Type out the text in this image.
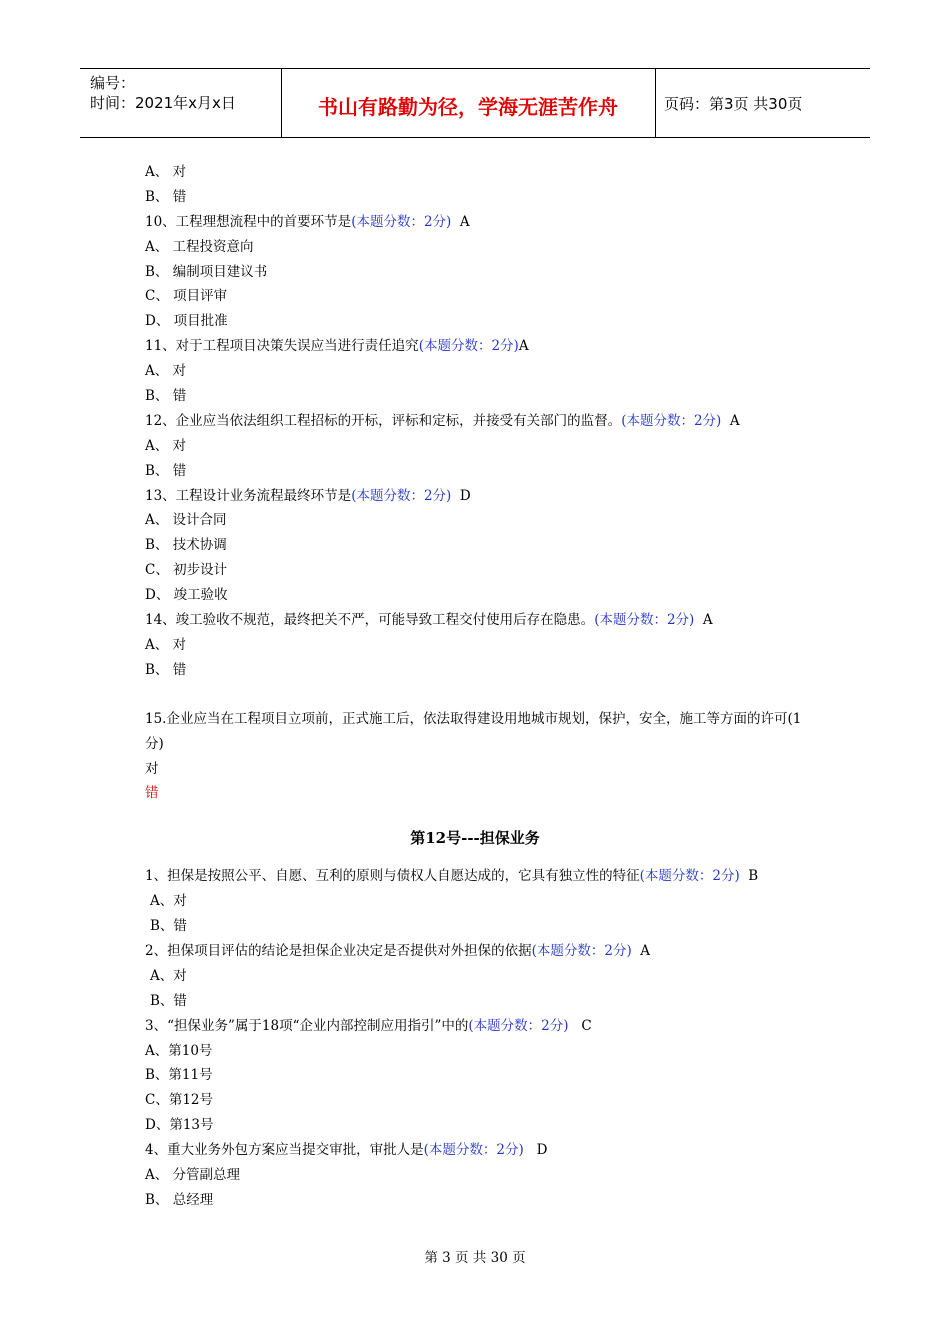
编号：
时间：2021年x月x日	书山有路勤为径，学海无涯苦作舟	页码：第3页 共30页
A、 对
B、 错
10、工程理想流程中的首要环节是(本题分数：2分)  A
A、 工程投资意向
B、 编制项目建议书
C、 项目评审
D、 项目批准
11、对于工程项目决策失误应当进行责任追究(本题分数：2分)A
A、 对
B、 错
12、企业应当依法组织工程招标的开标，评标和定标，并接受有关部门的监督。(本题分数：2分)  A
A、 对
B、 错
13、工程设计业务流程最终环节是(本题分数：2分)  D
A、 设计合同
B、 技术协调
C、 初步设计
D、 竣工验收
14、竣工验收不规范，最终把关不严，可能导致工程交付使用后存在隐患。(本题分数：2分)  A
A、 对
B、 错
15.企业应当在工程项目立项前，正式施工后，依法取得建设用地城市规划，保护，安全，施工等方面的许可(1分)
对
错
第12号---担保业务
1、担保是按照公平、自愿、互利的原则与债权人自愿达成的，它具有独立性的特征(本题分数：2分)  B
A、对
B、错
2、担保项目评估的结论是担保企业决定是否提供对外担保的依据(本题分数：2分)  A
A、对
B、错
3、“担保业务”属于18项“企业内部控制应用指引”中的(本题分数：2分)   C
A、第10号
B、第11号
C、第12号
D、第13号
4、重大业务外包方案应当提交审批，审批人是(本题分数：2分)   D
A、 分管副总理
B、 总经理
第 3 页 共 30 页
